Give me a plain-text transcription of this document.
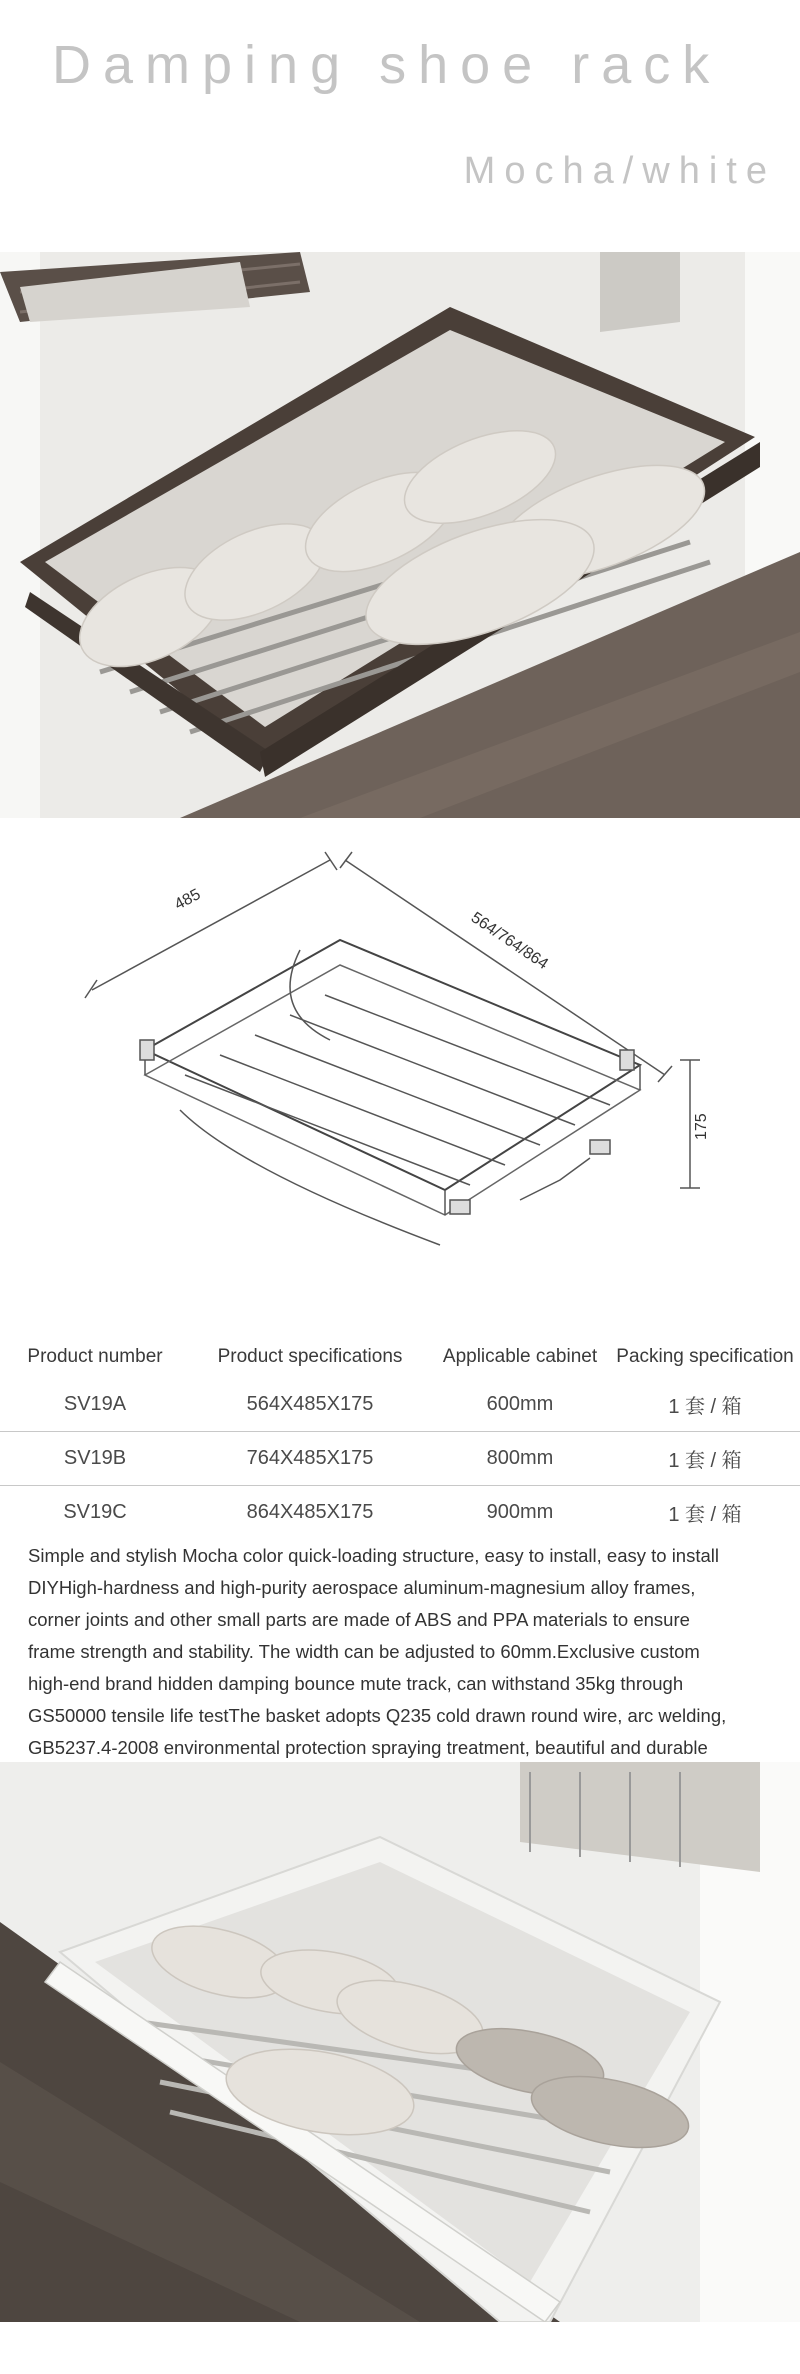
Damping shoe rack
Mocha/white
485
564/764/864
175
Product number	Product specifications	Applicable cabinet	Packing specification
SV19A	564X485X175	600mm	1 套 / 箱
SV19B	764X485X175	800mm	1 套 / 箱
SV19C	864X485X175	900mm	1 套 / 箱

Simple and stylish Mocha color quick-loading structure, easy to install, easy to install
DIYHigh-hardness and high-purity aerospace aluminum-magnesium alloy frames,
corner joints and other small parts are made of ABS and PPA materials to ensure
frame strength and stability. The width can be adjusted to 60mm.Exclusive custom
high-end brand hidden damping bounce mute track, can withstand 35kg through
GS50000 tensile life testThe basket adopts Q235 cold drawn round wire, arc welding,
GB5237.4-2008 environmental protection spraying treatment, beautiful and durable
